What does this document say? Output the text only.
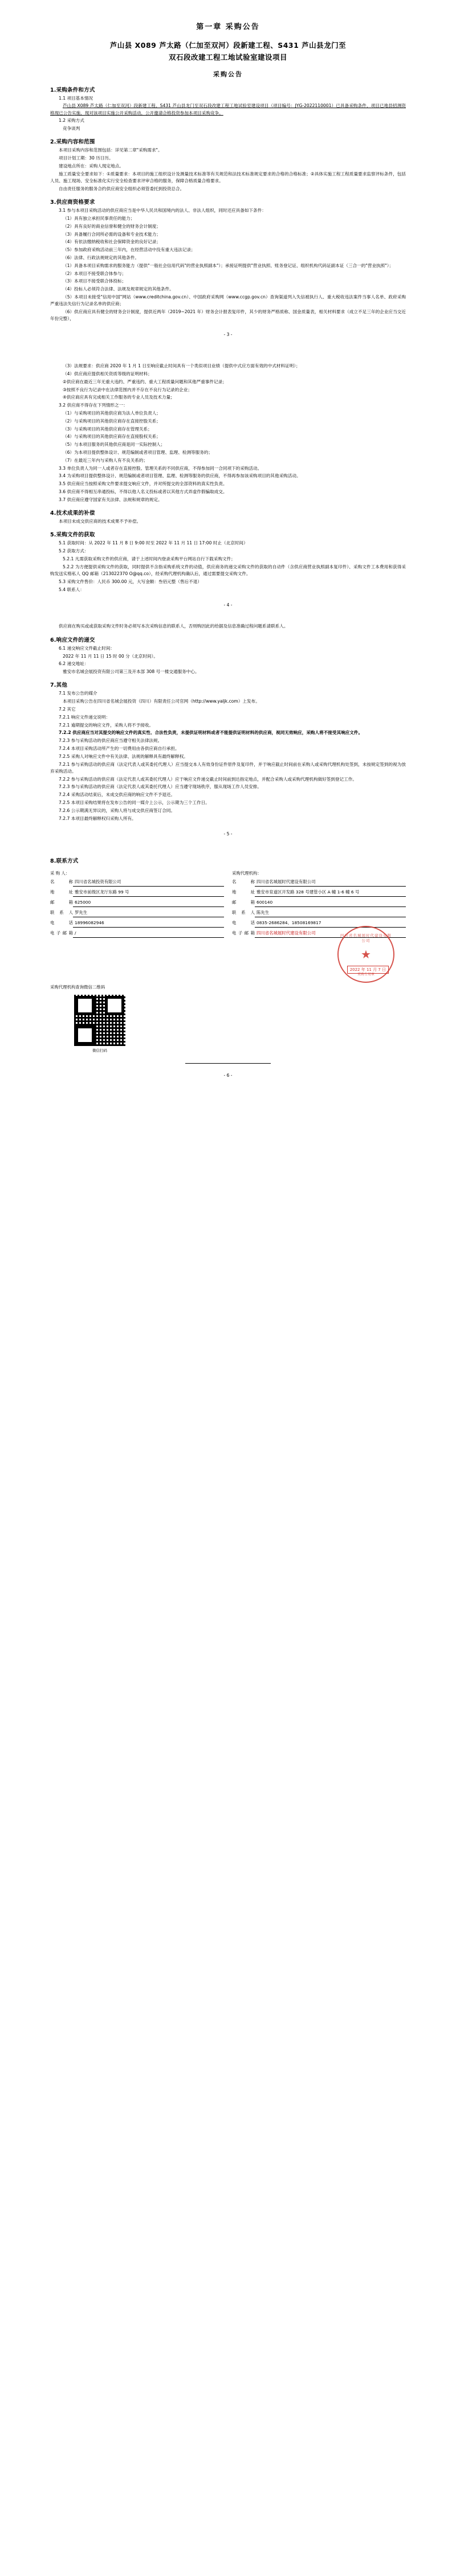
第一章 采购公告
芦山县 X089 芦太路（仁加至双河）段新建工程、S431 芦山县龙门至
双石段改建工程工地试验室建设项目
采购公告
1.采购条件和方式

1.1 项目基本情况

芦山县 X089 芦太路（仁加至双河）段新建工程、S431 芦山县龙门至双石段改建工程工地试验室建设项目（项目编号：JYG-2022110001）已具备采购条件，项目已地县招测资格现已公告实施，现对该项目实施公开采购活动，公开邀请合格投资参加本项目采购竞争。

1.2 采购方式

竞争谈判

2.采购内容和范围

本项目采购内容和范围包括：详见第二章"采购需求"。

项目计划工期：30 历日历。

建设地点所在：采购人现定地点。

施工质量安全要求如下：①质量要求：本项目的施工组织设计及测量技术标准等有关规范和法技术标准规定要求的合格的合格标准；②具体实施工程工程质量要求监察评标条件，包括人员、施工现场、安全标准化实行安全检查要求评审合格的服务，保障合格质量合格要求。

自由责任服务的服务合约供应商安全组织必须管委托到投资总合。

3.供应商资格要求

3.1 参与本项目采购活动的供应商应当是中华人民共和国境内的法人、非法人组织，同时还应具备如下条件：

（1）具有独立承担民事责任的能力；

（2）具有良好的商业信誉和健全的财务会计制度；

（3）具备履行合同所必需的设备和专业技术能力；

（4）有依法缴纳税收和社会保障资金的良好记录；

（5）参加政府采购活动前三年内，在经营活动中没有重大违法记录；

（6）法律、行政法规规定的其他条件。

（1）具备本项目采购需求的服务能力（提供"一般社会信用代码"的营业执照副本"）；承接证明提供"营业执照、账务登记证、组织机构代码证副本证（三合一的"营业执照"）；

（2）本项目不接受联合体参与；

（3）本项目不接受联合体投标；

（4）投标人必须符合法律、法规及规章规定的其他条件。

（5）本项目未接受"信用中国"网站（www.creditchina.gov.cn）、中国政府采购网（www.ccgp.gov.cn）查询渠道列入失信被执行人、重大税收违法案件当事人名单、政府采购严重违法失信行为记录名单的供应商；

（6）供应商应具有健全的财务会计制度，提供近两年（2019~2021 年）财务会计报表复印件，其少的财务严格质称、国金质量表，相关材料要求（成立不足三年的企业应当交近年份完整），

- 3 -

（3）法规要求：供应商 2020 年 1 月 1 日至响应截止时间具有一个类似项目业绩（提供中式应方面有效的中式材料证明）；

（4）供应商应提供相关资质等级的证明材料；

②供应商在最近三年无重大违约、严重违约、重大工程质量问题和其他严重事件记录；

③按照不良行为记录中在法律范围内并不存在不良行为记录的企业；

④供应商应具有完成相关工作服务的专业人员及技术力量；

3.2 供应商不得存在下列情形之一：

（1）与采购项目的其他供应商为法人单位负责人；

（2）与采购项目的其他供应商存在直接控股关系；

（3）与采购项目的其他供应商存在管理关系；

（4）与采购项目的其他供应商存在直接股权关系；

（5）与本项目服务的其他供应商是同一实际控制人；

（6）为本项目提供整体设计、规范编制或者项目管理、监理、检测等服务的；

（7）在最近三年内与采购人有不良关系的；

3.3 单位负责人为同一人或者存在直接控股、管理关系的不同供应商，不得参加同一合同项下的采购活动。

3.4 为采购项目提供整体设计、规范编制或者项目管理、监理、检测等服务的供应商，不得再参加该采购项目的其他采购活动。

3.5 供应商应当按照采购文件要求提交响应文件，并对所提交的全部资料的真实性负责。

3.6 供应商不得相互串通投标，不得以他人名义投标或者以其他方式弄虚作假骗取成交。

3.7 供应商应遵守国家有关法律、法规和规章的规定。

4.技术成果的补偿

本项目未成交供应商的技术成果不予补偿。

5.采购文件的获取

5.1 获取时间：从 2022 年 11 月 8 日 9:00 时至 2022 年 11 月 11 日 17:00 时止（北京时间）

5.2 获取方式：

5.2.1 凡需获取采购文件的供应商，请于上述时间内登录采购平台网站自行下载采购文件；

5.2.2 为方便提供采购文件的获取，同时提供不含指采购系统文件的动值，供应商务的递交采购文件的获取的自动件（含供应商营业执照副本复印件）、采购文件工本费用和获得采购发送实格私人 QQ 邮箱（213022370 O@qq.co），经采购代理机构确认后，通过需要提交采购文件。

5.3 采购文件售价：人民币 300.00 元，大写金额：叁佰元整（售后不退）

5.4 联系人：

- 4 -

供应商在购买或或获取采购文件时务必须写本次采购信息的联系人，否则购因此的给据及信息准确过程问题系请联系人。

6.响应文件的递交

6.1 递交响应文件截止时间：

2022 年 11 月 11 日 15 时 00 分（北京时间）。

6.2 递交地址：

雅安市名城会展投资有限公司第三及开本部 308 号一楼交通服务中心。

7.其他

7.1 发布公告的媒介

本项目采购公告在四川省名城会展投资（四川）有限责任公司官网（http://www.yaljk.com）上发布。

7.2 其它

7.2.1 响应文件递交说明：

7.2.1 逾期提交的响应文件，采购人将不予接收。

7.2.2 供应商应当对其提交的响应文件的真实性、合法性负责，未提供证明材料或者不能提供证明材料的供应商，视同无效响应，采购人将不接受其响应文件。

7.2.3 参与采购活动的供应商应当遵守相关法律法规。

7.2.4 本项目采购活动所产生的一切费用由各供应商自行承担。

7.2.5 采购人对响应文件中有关法律、法规的解释具有最终解释权。

7.2.1 参与采购活动的供应商（法定代表人或其委托代理人）应当提交本人有效身份证件原件及复印件，并于响应截止时间前在采购人或采购代理机构处签到，未按规定签到的视为放弃采购活动。

7.2.2 参与采购活动的供应商（法定代表人或其委托代理人）应于响应文件递交截止时间前到达指定地点，并配合采购人或采购代理机构做好签到登记工作。

7.2.3 参与采购活动的供应商（法定代表人或其委托代理人）应当遵守现场秩序，服从现场工作人员安排。

7.2.4 采购活动结束后，未成交供应商的响应文件不予退还。

7.2.5 本项目采购结果将在发布公告的同一媒介上公示，公示期为三个工作日。

7.2.6 公示期满无异议的，采购人将与成交供应商签订合同。

7.2.7 本项目最终解释权归采购人所有。

- 5 -
8.联系方式
采 购 人：
名称 四川省名城投资有限公司
地址 雅安市前级区龙厅东路 99 号
邮箱 625000
联系人 罗先生
电话 18996082946
电子邮箱 /
采购代理机构：
名称 四川省名城展时代建设有限公司
地址 雅安市育道区开发路 328 号建管小区 A 幢 1-6 幢 6 号
邮箱 600140
联系人 陈先生
电话 0835-2686284、18508169817
电子邮箱 四川省名城展时代建设有限公司	四川省名城展时代建设有限公司
★
采购专用章
2022 年 11 月 7 日
采购代理机构查询微信二维码
微信扫码
- 6 -
